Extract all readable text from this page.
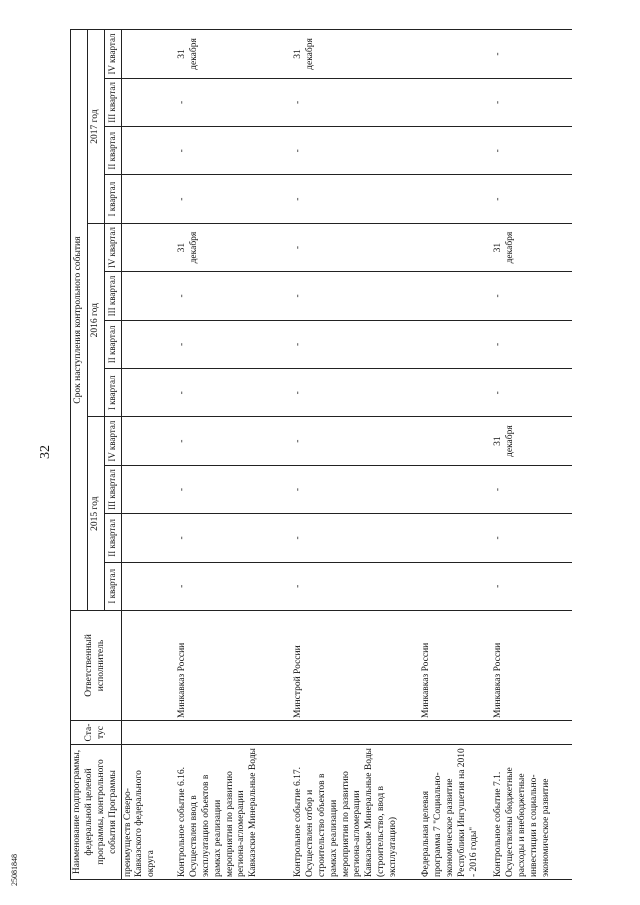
32
25081848	Наименование подпрограммы, федеральной целевой программы, контрольного события Программы	Ста-тус	Ответственный исполнитель	Срок наступления контрольного события											
			2015 год				2016 год				2017 год			
			I квартал	II квартал	III квартал	IV квартал	I квартал	II квартал	III квартал	IV квартал	I квартал	II квартал	III квартал	IV квартал
преимуществ Северо-Кавказского федерального округа														
Контрольное событие 6.16. Осуществлен ввод в эксплуатацию объектов в рамках реализации мероприятия по развитию региона-агломерации Кавказские Минеральные Воды		Минкавказ России	-	-	-	-	-	-	-	31 декабря	-	-	-	31 декабря
Контрольное событие 6.17. Осуществлен отбор и строительство объектов в рамках реализации мероприятия по развитию региона-агломерации Кавказские Минеральные Воды (строительство, ввод в эксплуатацию)		Минстрой России	-	-	-	-	-	-	-	-	-	-	-	31 декабря
Федеральная целевая программа 7 "Социально-экономическое развитие Республики Ингушетия на 2010 - 2016 годы"		Минкавказ России												
Контрольное событие 7.1. Осуществлены бюджетные расходы и внебюджетные инвестиции в социально-экономическое развитие		Минкавказ России	-	-	-	31 декабря	-	-	-	31 декабря	-	-	-	-
